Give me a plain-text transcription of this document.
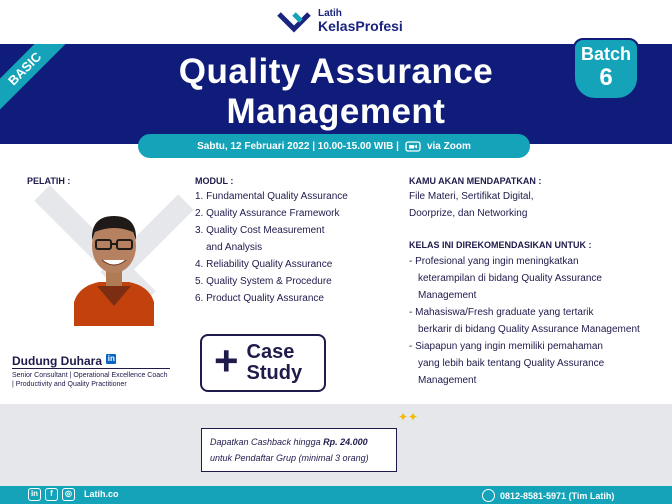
Latih
KelasProfesi
BASIC	Quality Assurance
Management
Batch
6
Sabtu, 12 Februari 2022 | 10.00-15.00 WIB |	via Zoom
PELATIH :
Dudung Duhara in
Senior Consultant | Operational Excellence Coach
| Productivity and Quality Practitioner
MODUL :
1. Fundamental Quality Assurance
2. Quality Assurance Framework
3. Quality Cost Measurement
and Analysis
4. Reliability Quality Assurance
5. Quality System & Procedure
6. Product Quality Assurance
+ Case
Study
KAMU AKAN MENDAPATKAN :
File Materi, Sertifikat Digital,
Doorprize, dan Networking
KELAS INI DIREKOMENDASIKAN UNTUK :
- Profesional yang ingin meningkatkan
keterampilan di bidang Quality Assurance
Management
- Mahasiswa/Fresh graduate yang tertarik
berkarir di bidang Quality Assurance Management
- Siapapun yang ingin memiliki pemahaman
yang lebih baik tentang Quality Assurance
Management
✦✦
Dapatkan Cashback hingga Rp. 24.000
untuk Pendaftar Grup (minimal 3 orang)
in	f	◎	Latih.co	0812-8581-5971 (Tim Latih)
